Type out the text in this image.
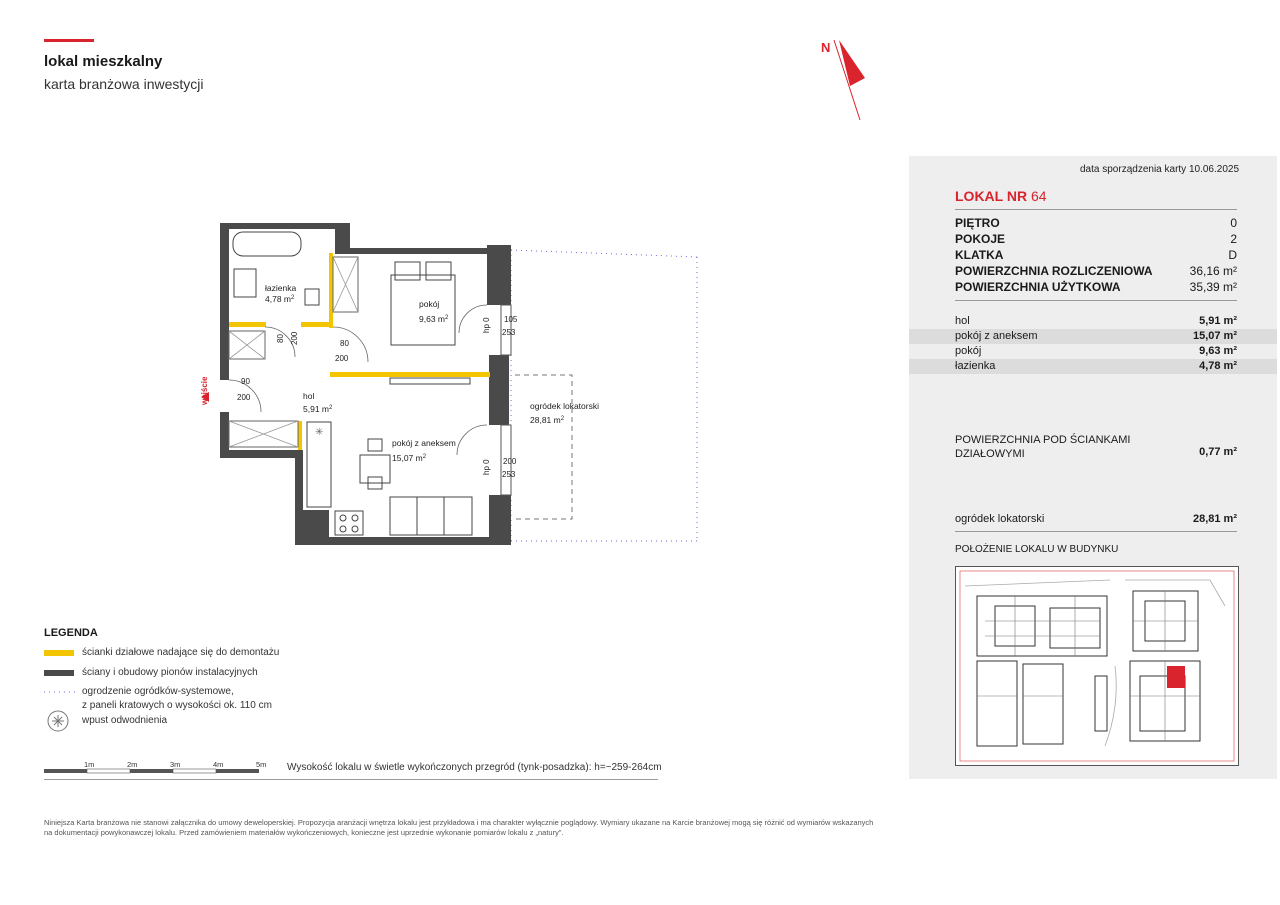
lokal mieszkalny
karta branżowa inwestycji
N
✳
łazienka
4,78 $m^2$
pokój
9,63 $m^2$
hol
5,91 $m^2$
pokój z aneksem
15,07 $m^2$
ogródek lokatorski
28,81 $m^2$
80 200	80
200
90
200
105
253
hp 0
200
253
hp 0
wejście
data sporządzenia karty 10.06.2025
LOKAL NR 64
PIĘTRO	0
POKOJE	2
KLATKA	D
POWIERZCHNIA ROZLICZENIOWA	36,16 m²
POWIERZCHNIA UŻYTKOWA	35,39 m²
hol	5,91 m²
pokój z aneksem	15,07 m²
pokój	9,63 m²
łazienka	4,78 m²
POWIERZCHNIA POD ŚCIANKAMI DZIAŁOWYMI	0,77 m²
ogródek lokatorski	28,81 m²
POŁOŻENIE LOKALU W BUDYNKU
LEGENDA
ścianki działowe nadające się do demontażu
ściany i obudowy pionów instalacyjnych
ogrodzenie ogródków-systemowe,
z paneli kratowych o wysokości ok. 110 cm
wpust odwodnienia
1m	2m	3m	4m	5m Wysokość lokalu w świetle wykończonych przegród (tynk-posadzka): h=~259-264cm
Niniejsza Karta branżowa nie stanowi załącznika do umowy deweloperskiej. Propozycja aranżacji wnętrza lokalu jest przykładowa i ma charakter wyłącznie poglądowy. Wymiary ukazane na Karcie branżowej mogą się różnić od wymiarów wskazanych na dokumentacji powykonawczej lokalu. Przed zamówieniem materiałów wykończeniowych, konieczne jest uprzednie wykonanie pomiarów lokalu z „natury”.
